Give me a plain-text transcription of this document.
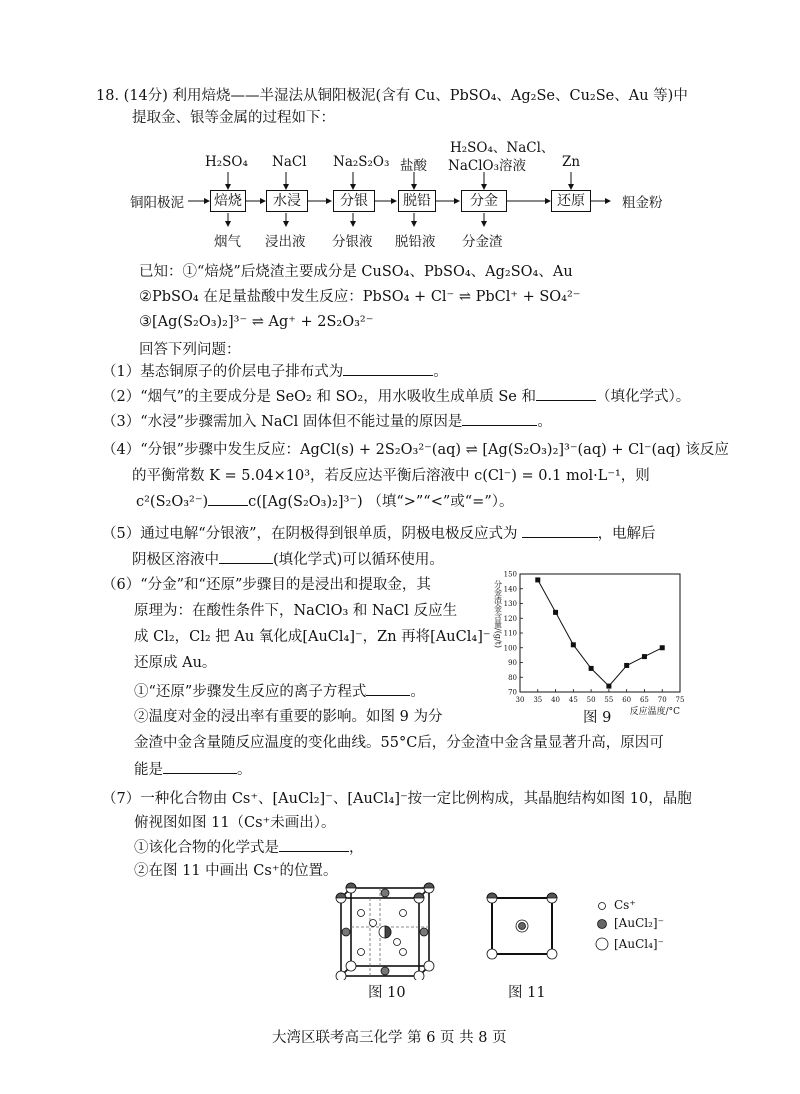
18. (14分) 利用焙烧——半湿法从铜阳极泥(含有 Cu、PbSO₄、Ag₂Se、Cu₂Se、Au 等)中
提取金、银等金属的过程如下：
铜阳极泥	粗金粉
焙烧	水浸	分银	脱铅	分金	还原
H₂SO₄ NaCl Na₂S₂O₃ 盐酸
H₂SO₄、NaCl、
NaClO₃溶液	Zn
烟气 浸出液 分银液 脱铅液 分金渣
已知：①“焙烧”后烧渣主要成分是 CuSO₄、PbSO₄、Ag₂SO₄、Au
②PbSO₄ 在足量盐酸中发生反应：PbSO₄ + Cl⁻ ⇌ PbCl⁺ + SO₄²⁻
③[Ag(S₂O₃)₂]³⁻ ⇌ Ag⁺ + 2S₂O₃²⁻
回答下列问题：
（1）基态铜原子的价层电子排布式为	。
（2）“烟气”的主要成分是 SeO₂ 和 SO₂，用水吸收生成单质 Se 和	（填化学式）。
（3）“水浸”步骤需加入 NaCl 固体但不能过量的原因是	。
（4）“分银”步骤中发生反应：AgCl(s) + 2S₂O₃²⁻(aq) ⇌ [Ag(S₂O₃)₂]³⁻(aq) + Cl⁻(aq) 该反应
的平衡常数 K = 5.04×10³，若反应达平衡后溶液中 c(Cl⁻) = 0.1 mol·L⁻¹，则
c²(S₂O₃²⁻)	c([Ag(S₂O₃)₂]³⁻) （填“>”“<”或“=”）。
（5）通过电解“分银液”，在阴极得到银单质，阴极电极反应式为	，电解后
阴极区溶液中	(填化学式)可以循环使用。
（6）“分金”和“还原”步骤目的是浸出和提取金，其
原理为：在酸性条件下，NaClO₃ 和 NaCl 反应生
成 Cl₂，Cl₂ 把 Au 氧化成[AuCl₄]⁻，Zn 再将[AuCl₄]⁻
还原成 Au。
①“还原”步骤发生反应的离子方程式	。
②温度对金的浸出率有重要的影响。如图 9 为分
金渣中金含量随反应温度的变化曲线。55°C后，分金渣中金含量显著升高，原因可
能是	。
30 35 40 45 50 55 60 65 70 75
70
80
90
100
110
120
130
140
150
反应温度/°C
分金渣金含量/(g/t)
图 9
（7）一种化合物由 Cs⁺、[AuCl₂]⁻、[AuCl₄]⁻按一定比例构成，其晶胞结构如图 10，晶胞
俯视图如图 11（Cs⁺未画出）。
①该化合物的化学式是	，
②在图 11 中画出 Cs⁺的位置。
图 10	图 11
Cs⁺
[AuCl₂]⁻
[AuCl₄]⁻
大湾区联考高三化学 第 6 页 共 8 页
